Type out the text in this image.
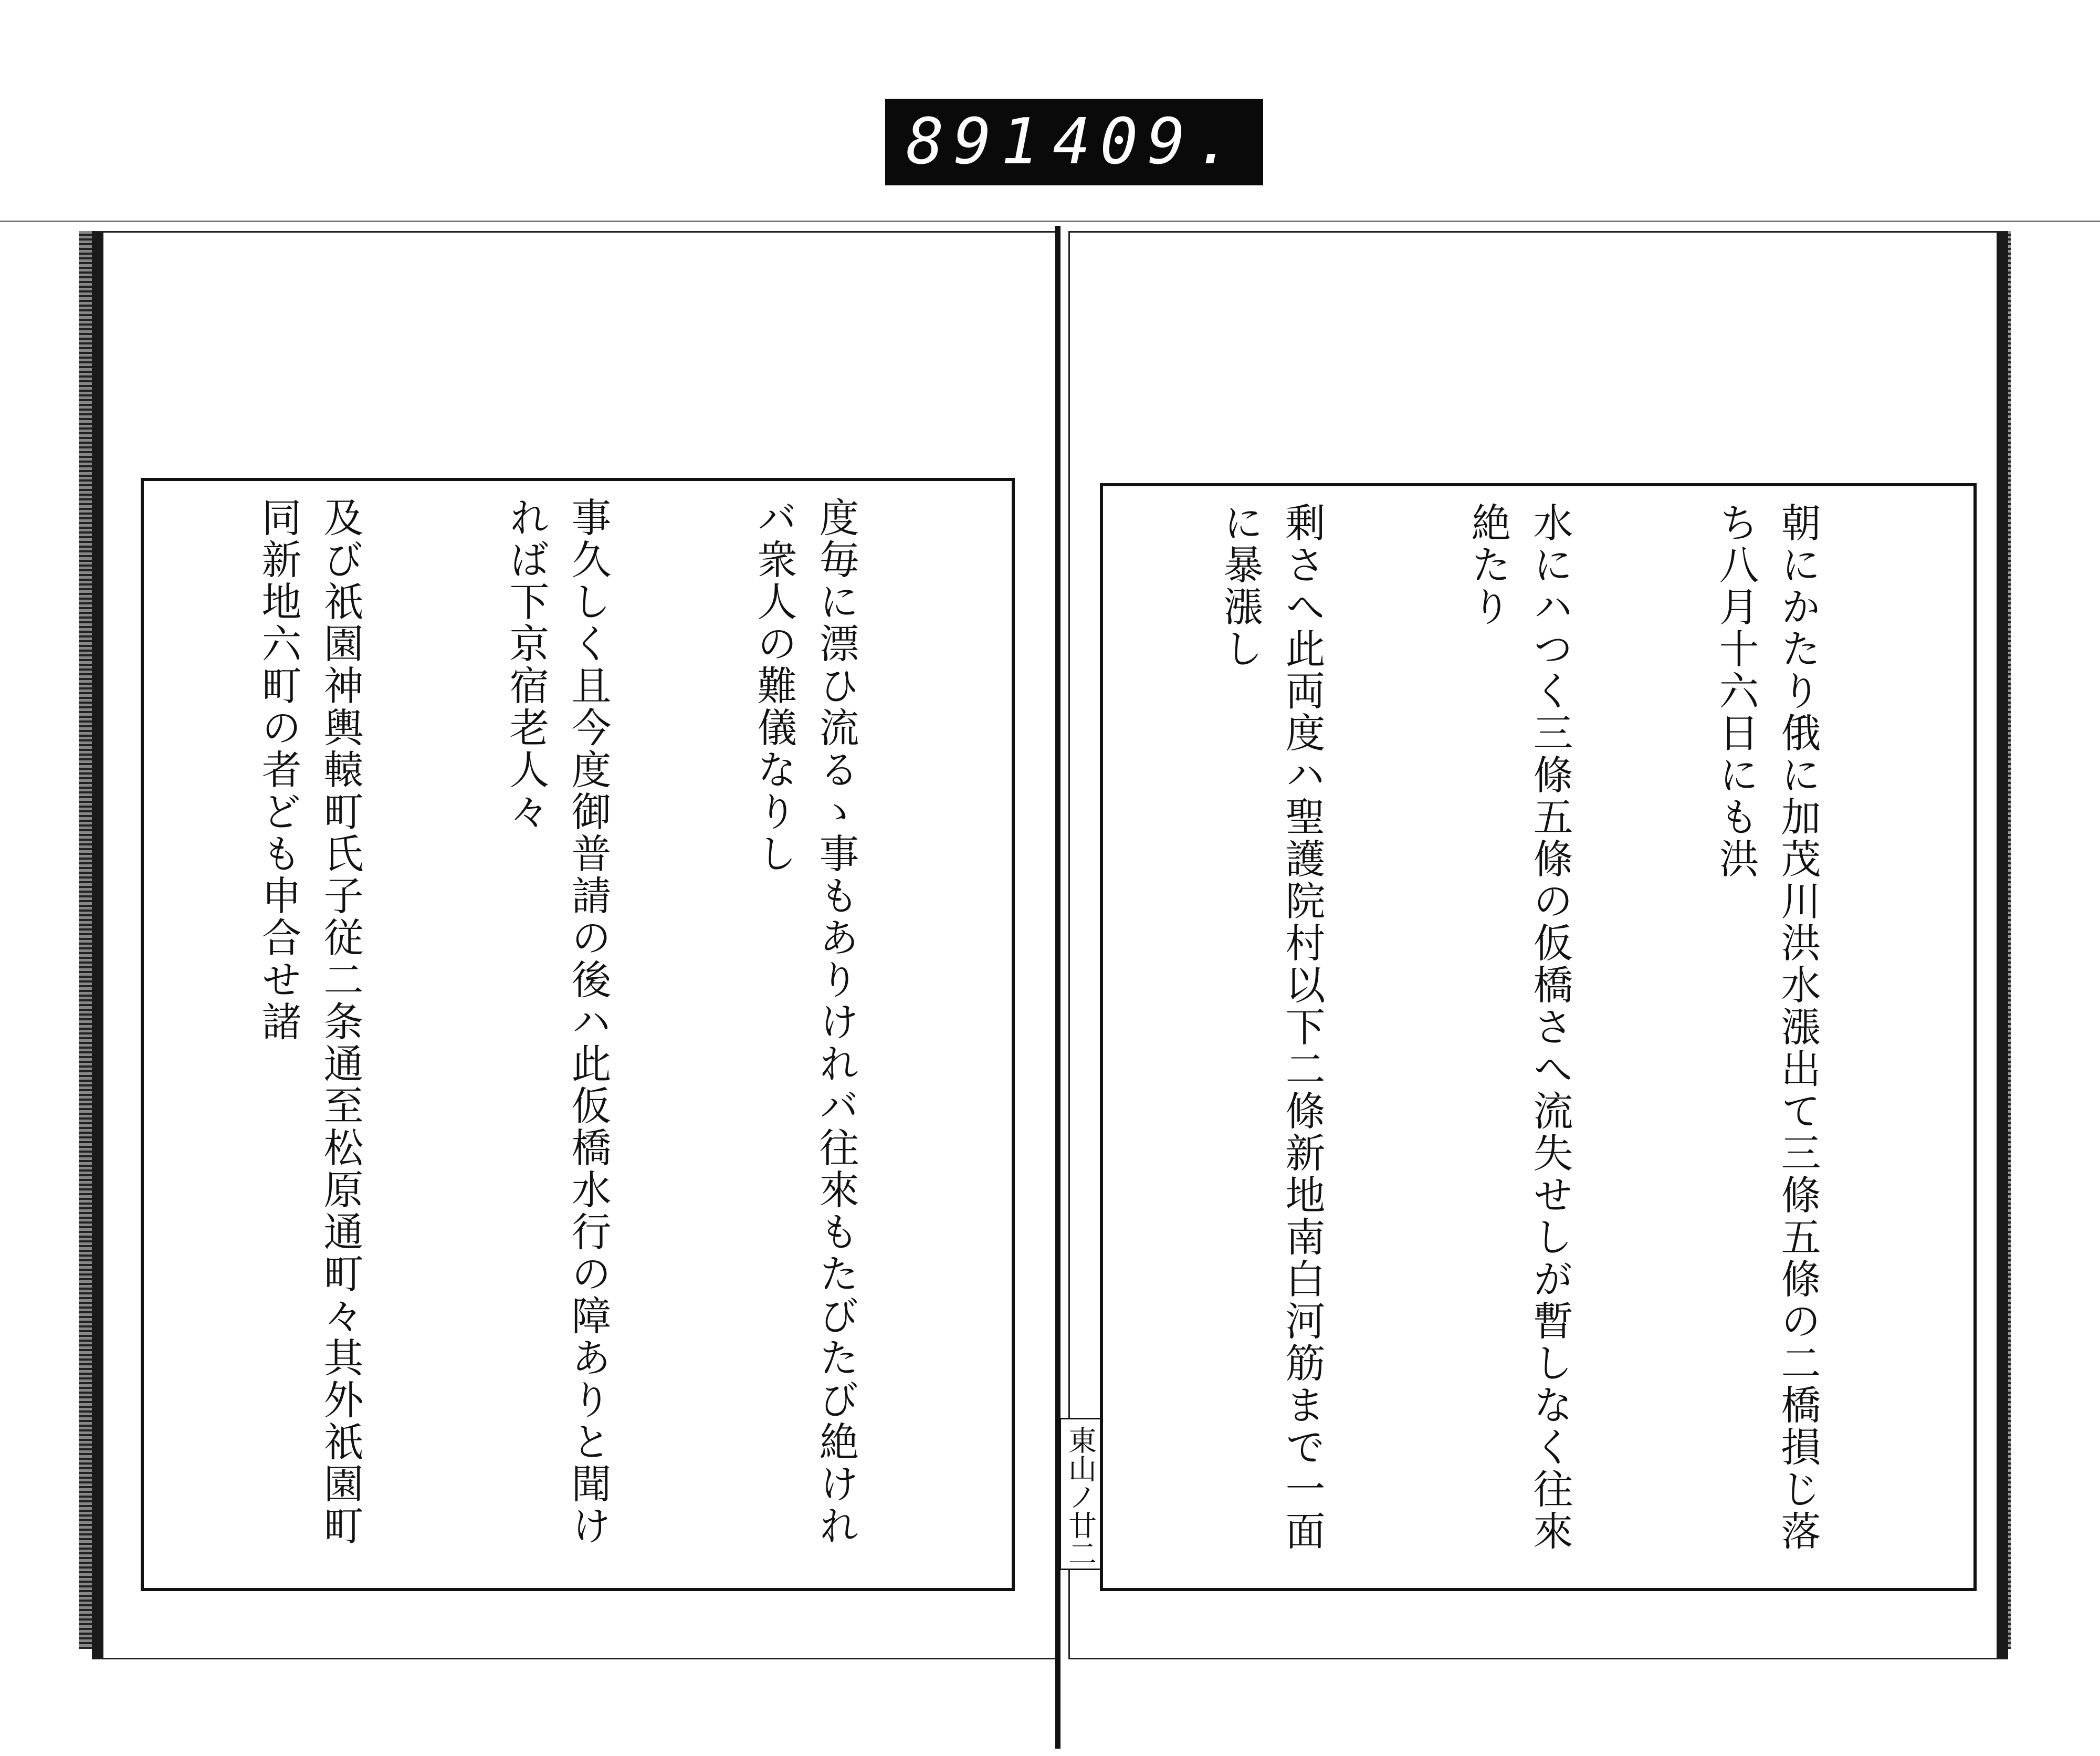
891 409.

度毎に漂ひ流るゝ事もありけれバ往來もたびたび絶けれバ衆人の難儀なりし

事久しく且今度御普請の後ハ此仮橋水行の障ありと聞ければ下京宿老人々

及び祇園神輿轅町氏子従二条通至松原通町々其外祇園町同新地六町の者ども申合せ諸

	朝にかたり俄に加茂川洪水漲出て三條五條の二橋損じ落ち八月十六日にも洪

水にハつく三條五條の仮橋さへ流失せしが暫しなく往來絶たり

剰さへ此両度ハ聖護院村以下二條新地南白河筋まで一面に暴漲し

東山ノ廿二
